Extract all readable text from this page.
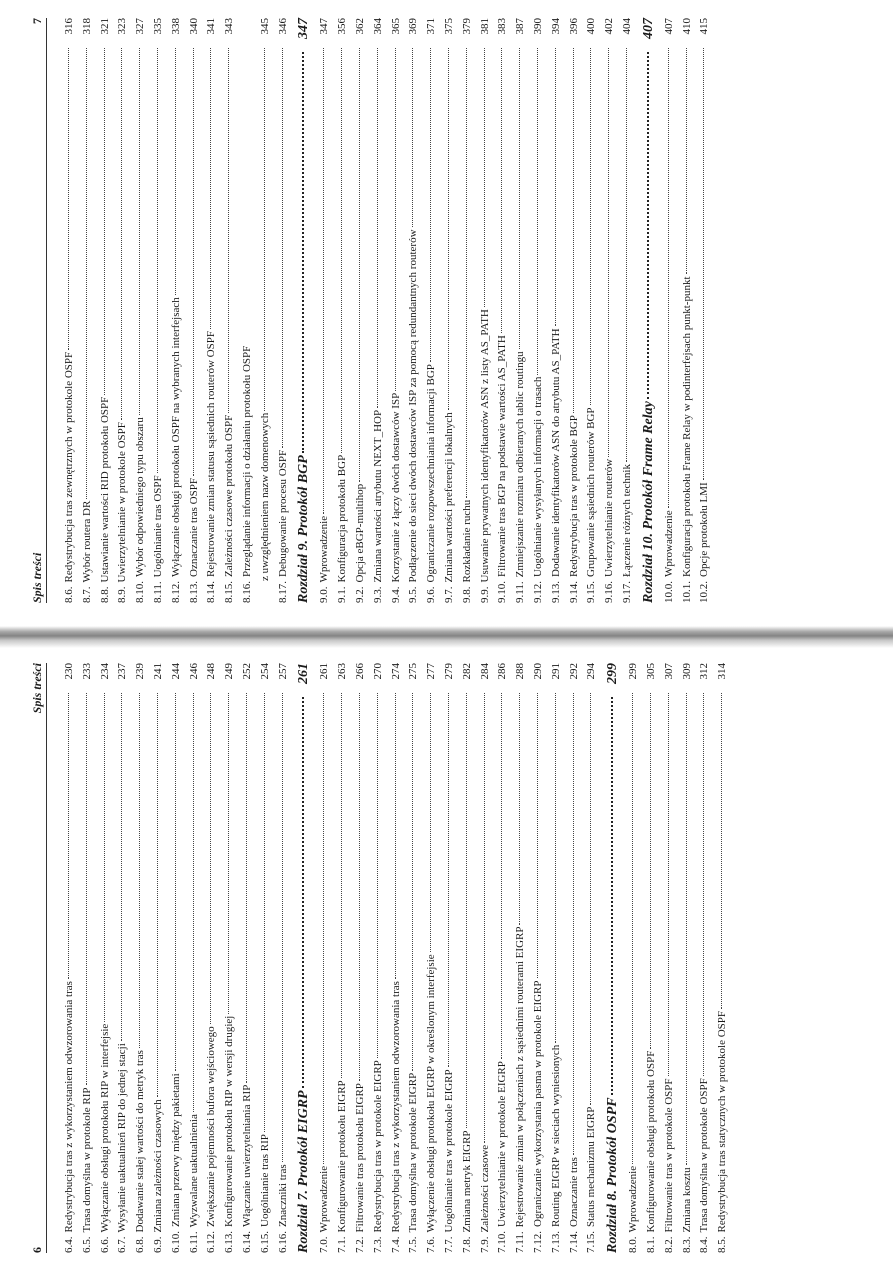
6
Spis treści
6.4.
Redystrybucja tras z wykorzystaniem odwzorowania tras
230
6.5.
Trasa domyślna w protokole RIP
233
6.6.
Wyłączanie obsługi protokołu RIP w interfejsie
234
6.7.
Wysyłanie uaktualnień RIP do jednej stacji
237
6.8.
Dodawanie stałej wartości do metryk tras
239
6.9.
Zmiana zależności czasowych
241
6.10.
Zmiana przerwy między pakietami
244
6.11.
Wyzwalane uaktualnienia
246
6.12.
Zwiększanie pojemności bufora wejściowego
248
6.13.
Konfigurowanie protokołu RIP w wersji drugiej
249
6.14.
Włączanie uwierzytelniania RIP
252
6.15.
Uogólnianie tras RIP
254
6.16.
Znaczniki tras
257
Rozdział 7. Protokół EIGRP
261
7.0.
Wprowadzenie
261
7.1.
Konfigurowanie protokołu EIGRP
263
7.2.
Filtrowanie tras protokołu EIGRP
266
7.3.
Redystrybucja tras w protokole EIGRP
270
7.4.
Redystrybucja tras z wykorzystaniem odwzorowania tras
274
7.5.
Trasa domyślna w protokole EIGRP
275
7.6.
Wyłączenie obsługi protokołu EIGRP w określonym interfejsie
277
7.7.
Uogólnianie tras w protokole EIGRP
279
7.8.
Zmiana metryk EIGRP
282
7.9.
Zależności czasowe
284
7.10.
Uwierzytelnianie w protokole EIGRP
286
7.11.
Rejestrowanie zmian w połączeniach z sąsiednimi routerami EIGRP
288
7.12.
Ograniczanie wykorzystania pasma w protokole EIGRP
290
7.13.
Routing EIGRP w sieciach wyniesionych
291
7.14.
Oznaczanie tras
292
7.15.
Status mechanizmu EIGRP
294
Rozdział 8. Protokół OSPF
299
8.0.
Wprowadzenie
299
8.1.
Konfigurowanie obsługi protokołu OSPF
305
8.2.
Filtrowanie tras w protokole OSPF
307
8.3.
Zmiana kosztu
309
8.4.
Trasa domyślna w protokole OSPF
312
8.5.
Redystrybucja tras statycznych w protokole OSPF
314
Spis treści
7
8.6.
Redystrybucja tras zewnętrznych w protokole OSPF
316
8.7.
Wybór routera DR
318
8.8.
Ustawianie wartości RID protokołu OSPF
321
8.9.
Uwierzytelnianie w protokole OSPF
323
8.10.
Wybór odpowiedniego typu obszaru
327
8.11.
Uogólnianie tras OSPF
335
8.12.
Wyłączanie obsługi protokołu OSPF na wybranych interfejsach
338
8.13.
Oznaczanie tras OSPF
340
8.14.
Rejestrowanie zmian statusu sąsiednich routerów OSPF
341
8.15.
Zależności czasowe protokołu OSPF
343
8.16.
Przeglądanie informacji o działaniu protokołu OSPF z uwzględnieniem nazw domenowych
345
8.17.
Debugowanie procesu OSPF
346
Rozdział 9. Protokół BGP
347
9.0.
Wprowadzenie
347
9.1.
Konfiguracja protokołu BGP
356
9.2.
Opcja eBGP-multihop
362
9.3.
Zmiana wartości atrybutu NEXT_HOP
364
9.4.
Korzystanie z łączy dwóch dostawców ISP
365
9.5.
Podłączenie do sieci dwóch dostawców ISP za pomocą redundantnych routerów
369
9.6.
Ograniczanie rozpowszechniania informacji BGP
371
9.7.
Zmiana wartości preferencji lokalnych
375
9.8.
Rozkładanie ruchu
379
9.9.
Usuwanie prywatnych identyfikatorów ASN z listy AS_PATH
381
9.10.
Filtrowanie tras BGP na podstawie wartości AS_PATH
383
9.11.
Zmniejszanie rozmiaru odbieranych tablic routingu
387
9.12.
Uogólnianie wysyłanych informacji o trasach
390
9.13.
Dodawanie identyfikatorów ASN do atrybutu AS_PATH
394
9.14.
Redystrybucja tras w protokole BGP
396
9.15.
Grupowanie sąsiednich routerów BGP
400
9.16.
Uwierzytelnianie routerów
402
9.17.
Łączenie różnych technik
404
Rozdział 10. Protokół Frame Relay
407
10.0.
Wprowadzenie
407
10.1.
Konfiguracja protokołu Frame Relay w podinterfejsach punkt-punkt
410
10.2.
Opcje protokołu LMI
415
